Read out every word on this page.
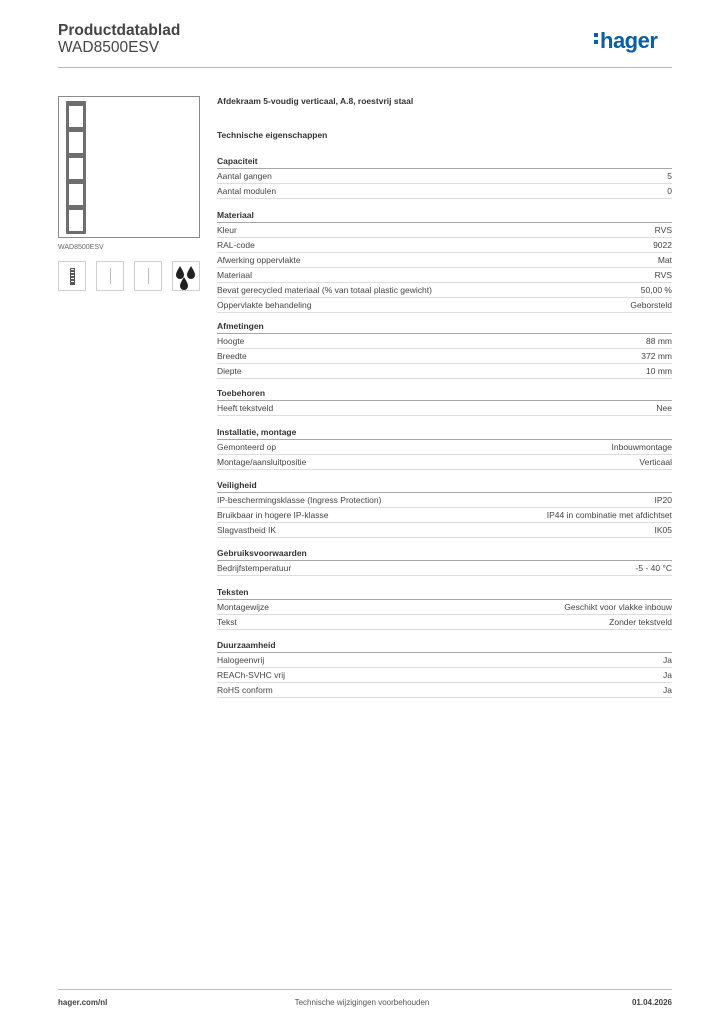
Productdatablad
WAD8500ESV	hager
WAD8500ESV
Afdekraam 5-voudig verticaal, A.8, roestvrij staal
Technische eigenschappen
Capaciteit
Aantal gangen	5
Aantal modulen	0
Materiaal
Kleur	RVS
RAL-code	9022
Afwerking oppervlakte	Mat
Materiaal	RVS
Bevat gerecycled materiaal (% van totaal plastic gewicht)	50,00 %
Oppervlakte behandeling	Geborsteld
Afmetingen
Hoogte	88 mm
Breedte	372 mm
Diepte	10 mm
Toebehoren
Heeft tekstveld	Nee
Installatie, montage
Gemonteerd op	Inbouwmontage
Montage/aansluitpositie	Verticaal
Veiligheid
IP-beschermingsklasse (Ingress Protection)	IP20
Bruikbaar in hogere IP-klasse	IP44 in combinatie met afdichtset
Slagvastheid IK	IK05
Gebruiksvoorwaarden
Bedrijfstemperatuur	-5 - 40 °C
Teksten
Montagewijze	Geschikt voor vlakke inbouw
Tekst	Zonder tekstveld
Duurzaamheid
Halogeenvrij	Ja
REACh-SVHC vrij	Ja
RoHS conform	Ja
hager.com/nl	Technische wijzigingen voorbehouden	01.04.2026
